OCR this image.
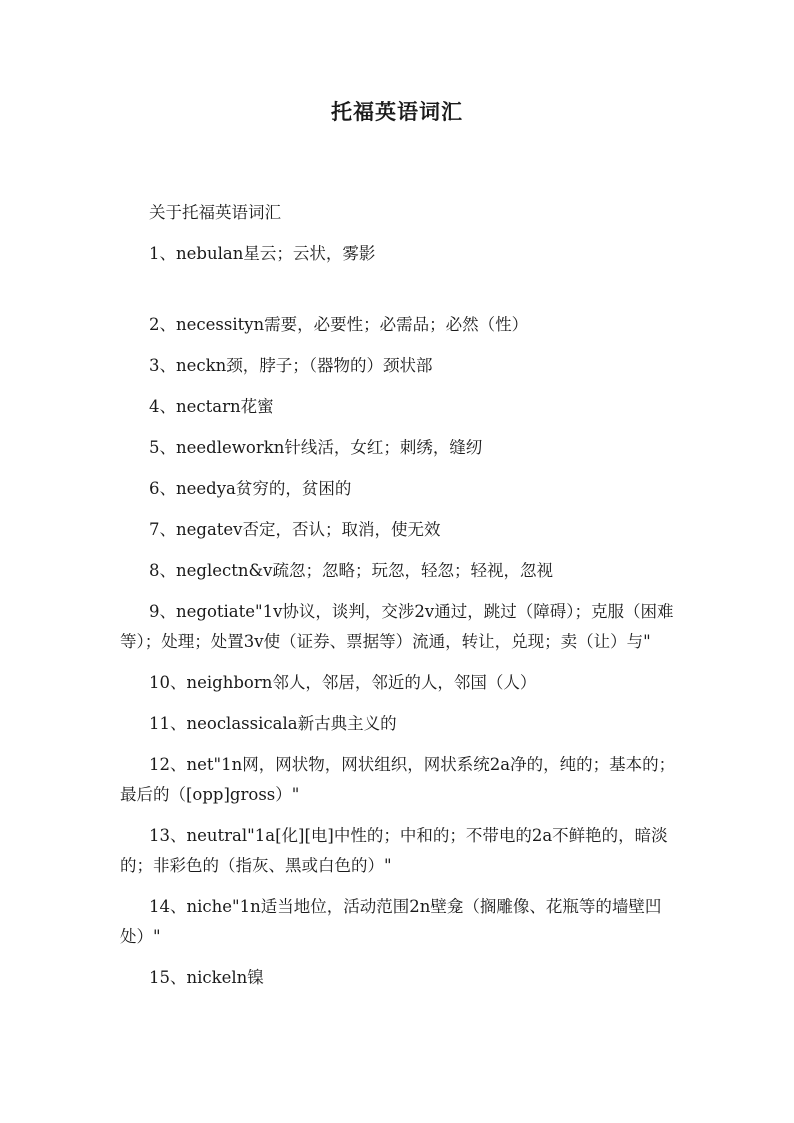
托福英语词汇

关于托福英语词汇

1、nebulan星云；云状，雾影

2、necessityn需要，必要性；必需品；必然（性）

3、neckn颈，脖子；（器物的）颈状部

4、nectarn花蜜

5、needleworkn针线活，女红；刺绣，缝纫

6、needya贫穷的，贫困的

7、negatev否定，否认；取消，使无效

8、neglectn&v疏忽；忽略；玩忽，轻忽；轻视，忽视

9、negotiate"1v协议，谈判，交涉2v通过，跳过（障碍）；克服（困难等）；处理；处置3v使（证券、票据等）流通，转让，兑现；卖（让）与"

10、neighborn邻人，邻居，邻近的人，邻国（人）

11、neoclassicala新古典主义的

12、net"1n网，网状物，网状组织，网状系统2a净的，纯的；基本的；最后的（[opp]gross）"

13、neutral"1a[化][电]中性的；中和的；不带电的2a不鲜艳的，暗淡的；非彩色的（指灰、黑或白色的）"

14、niche"1n适当地位，活动范围2n壁龛（搁雕像、花瓶等的墙壁凹处）"

15、nickeln镍
